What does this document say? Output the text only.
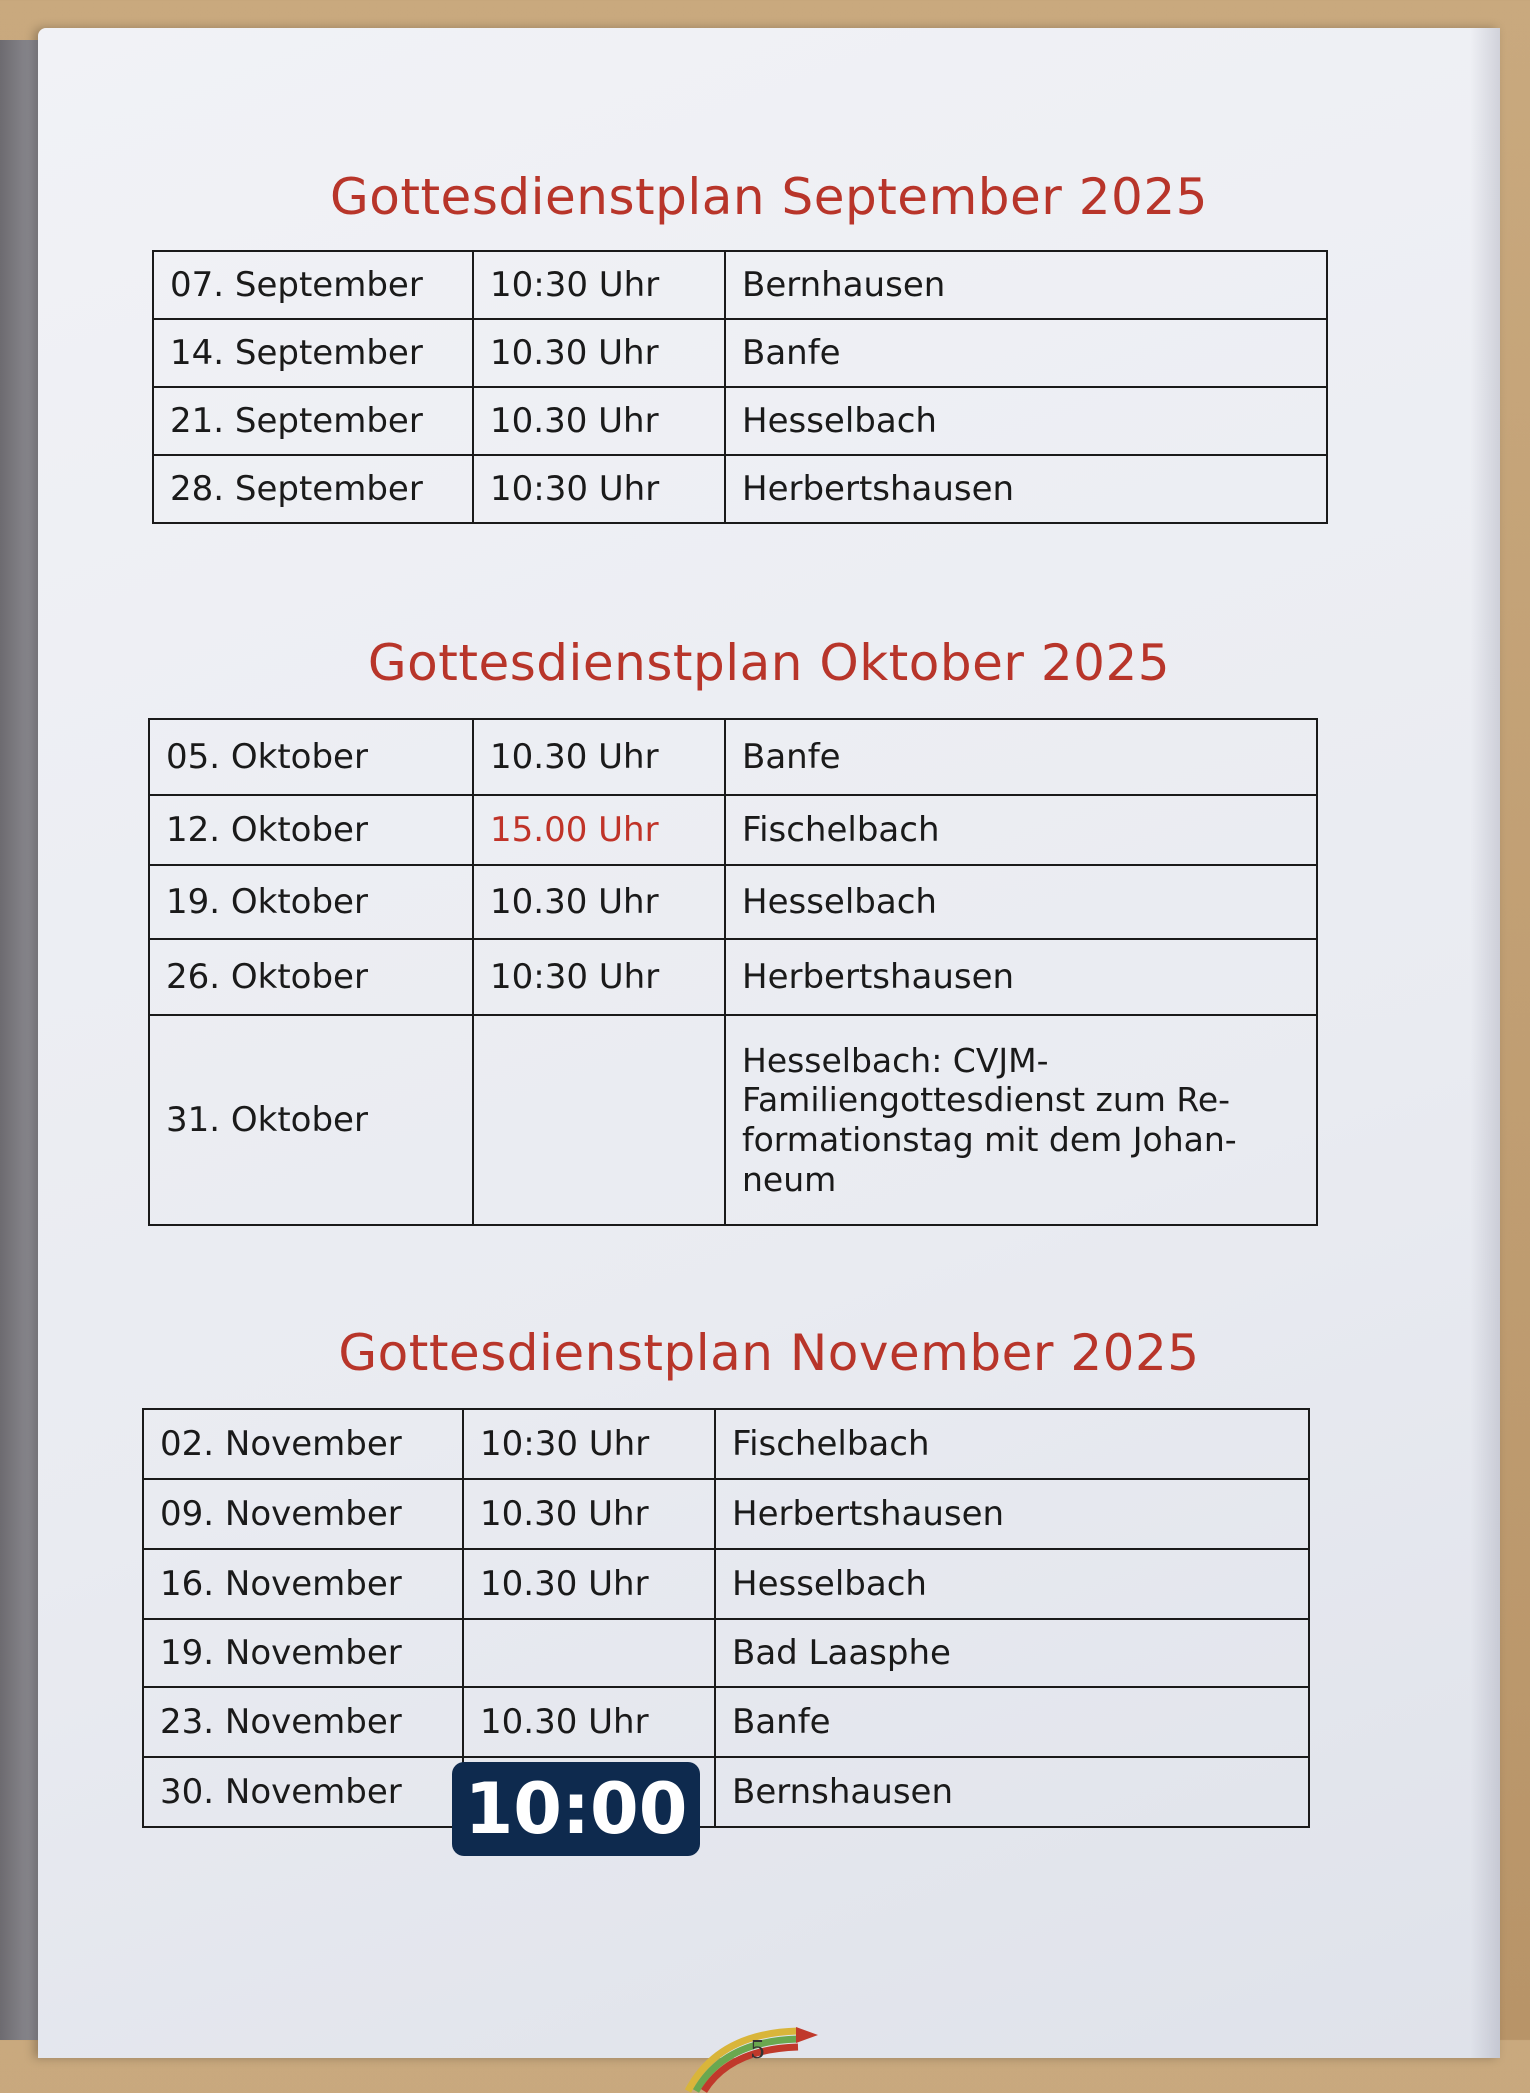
Gottesdienstplan September 2025
07. September	10:30 Uhr	Bernhausen
14. September	10.30 Uhr	Banfe
21. September	10.30 Uhr	Hesselbach
28. September	10:30 Uhr	Herbertshausen
Gottesdienstplan Oktober 2025
05. Oktober	10.30 Uhr	Banfe
12. Oktober	15.00 Uhr	Fischelbach
19. Oktober	10.30 Uhr	Hesselbach
26. Oktober	10:30 Uhr	Herbertshausen
31. Oktober		Hesselbach: CVJM-Familiengottesdienst zum Re-formationstag mit dem Johan-neum
Gottesdienstplan November 2025
02. November	10:30 Uhr	Fischelbach
09. November	10.30 Uhr	Herbertshausen
16. November	10.30 Uhr	Hesselbach
19. November		Bad Laasphe
23. November	10.30 Uhr	Banfe
30. November		Bernshausen
5
10:00
